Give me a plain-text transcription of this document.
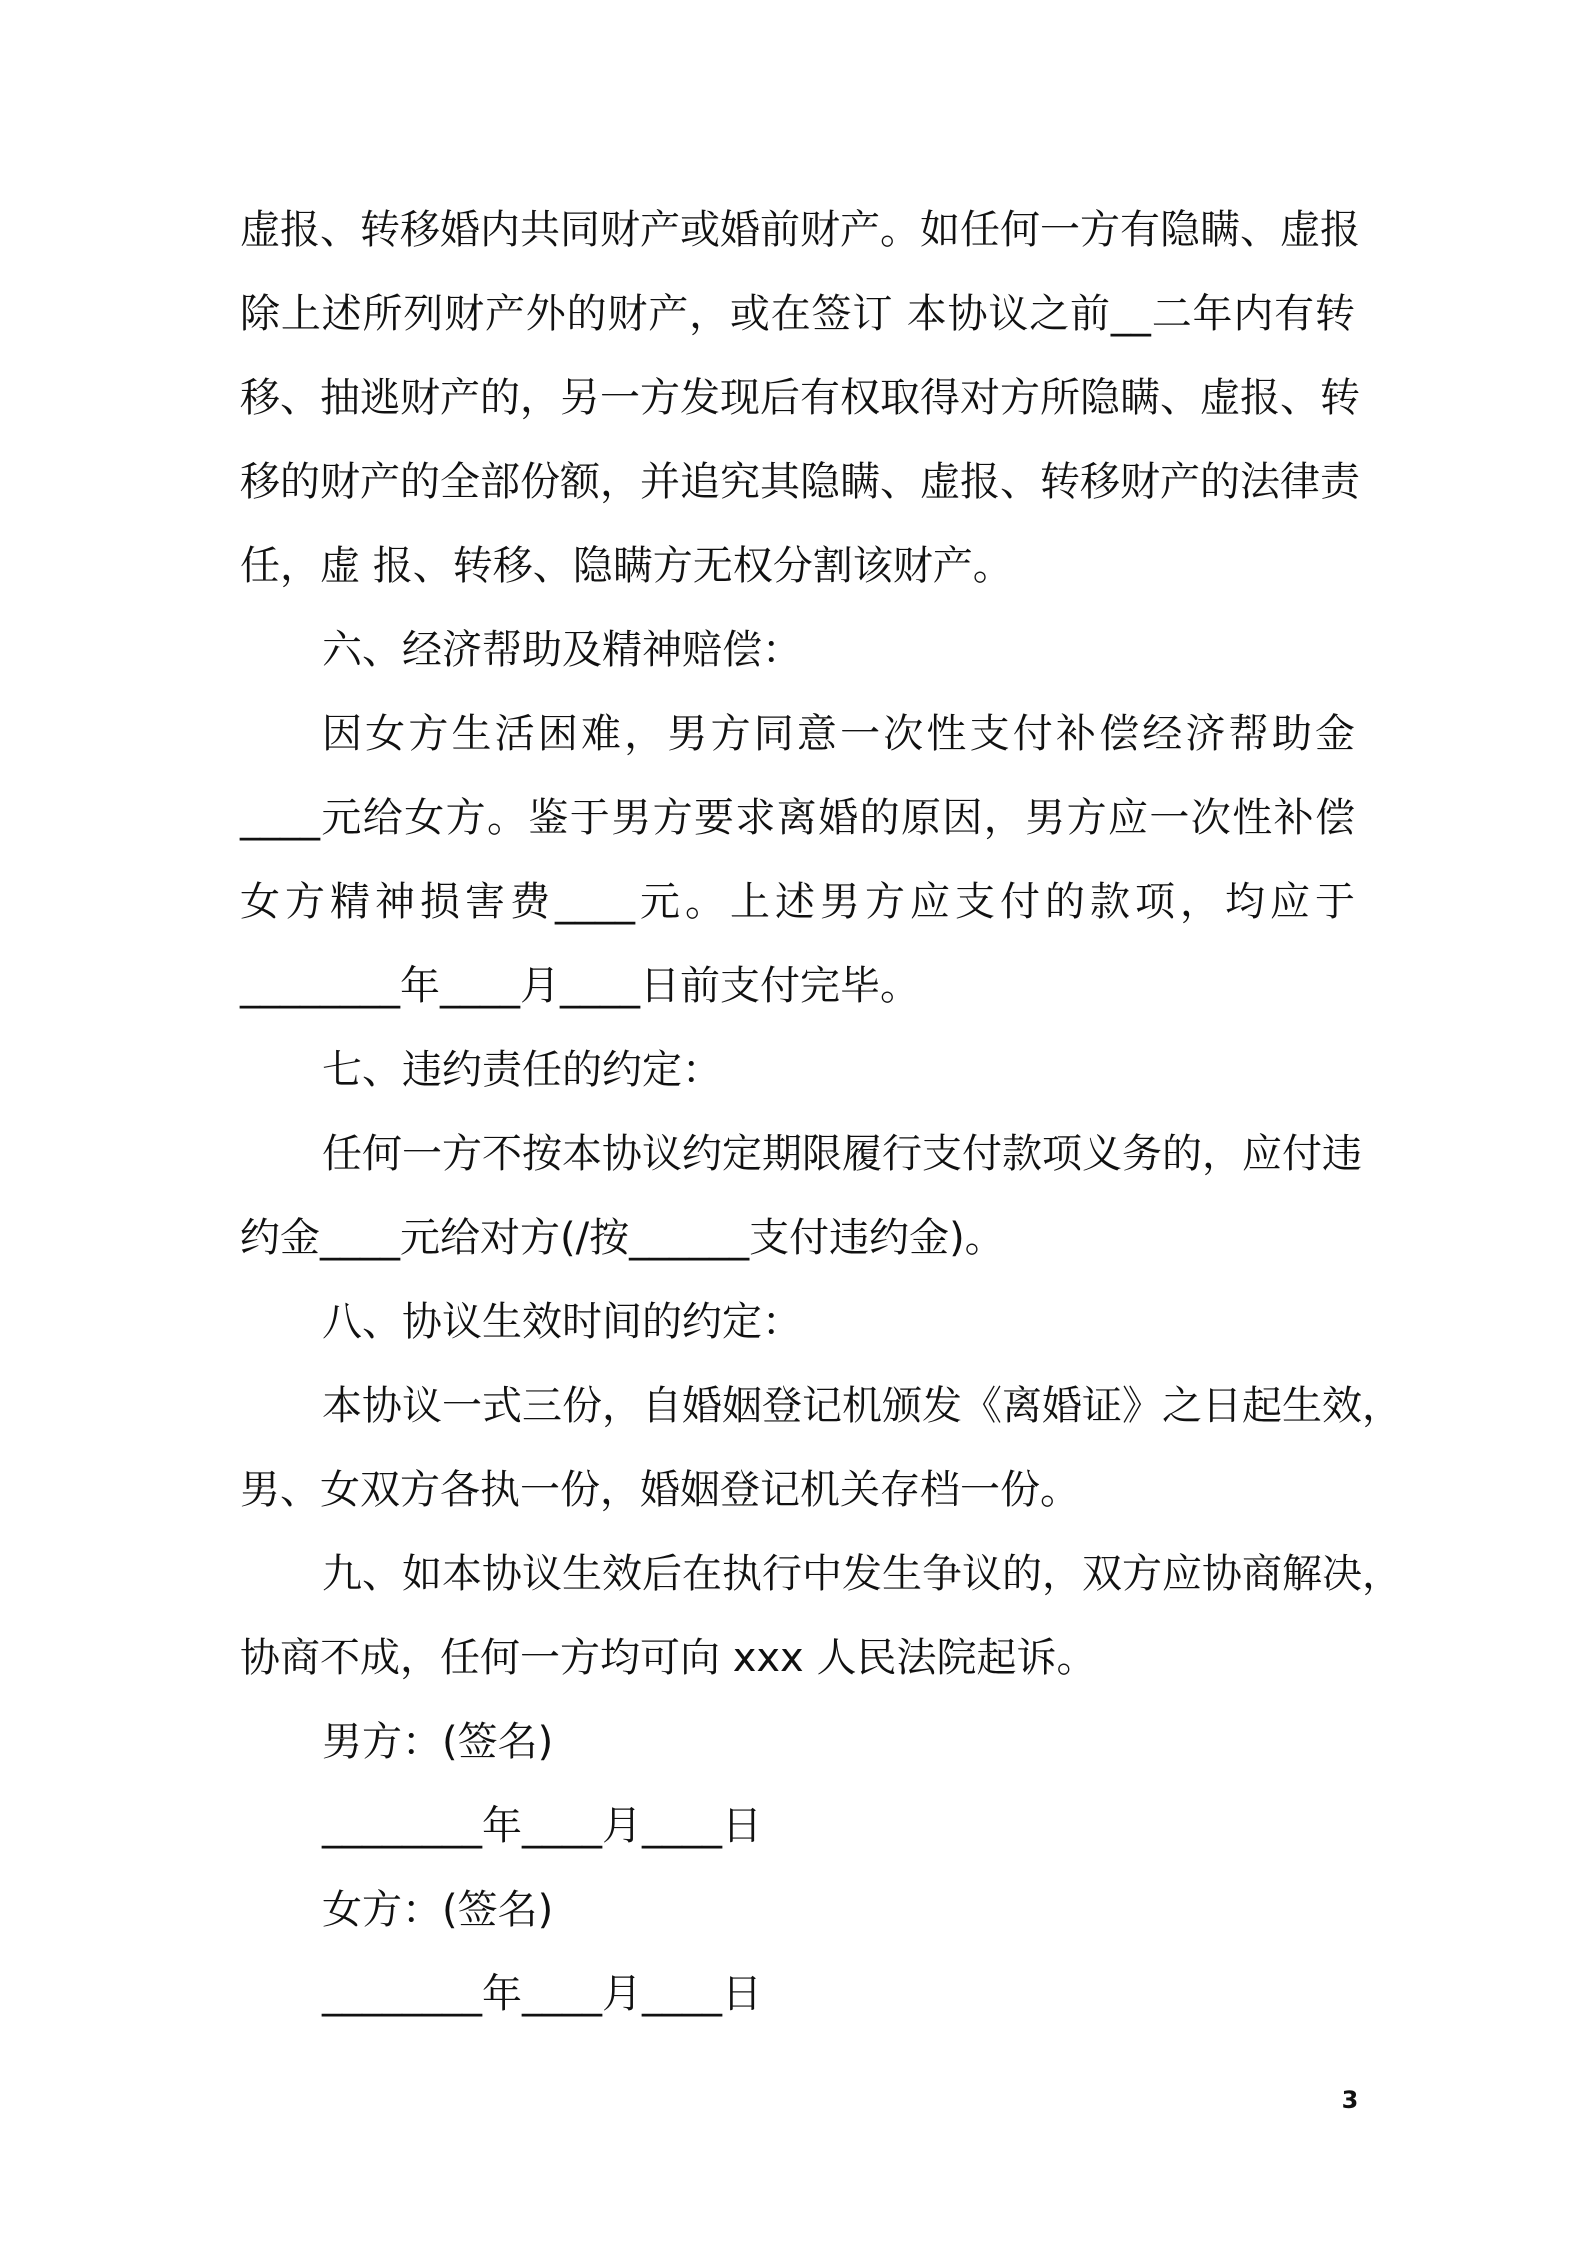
虚报、转移婚内共同财产或婚前财产。如任何一方有隐瞒、虚报
除上述所列财产外的财产，或在签订 本协议之前__二年内有转
移、抽逃财产的，另一方发现后有权取得对方所隐瞒、虚报、转
移的财产的全部份额，并追究其隐瞒、虚报、转移财产的法律责
任，虚 报、转移、隐瞒方无权分割该财产。
六、经济帮助及精神赔偿：
因女方生活困难，男方同意一次性支付补偿经济帮助金
____元给女方。鉴于男方要求离婚的原因，男方应一次性补偿
女方精神损害费____元。上述男方应支付的款项，均应于
________年____月____日前支付完毕。
七、违约责任的约定：
任何一方不按本协议约定期限履行支付款项义务的，应付违
约金____元给对方(/按______支付违约金)。
八、协议生效时间的约定：
本协议一式三份，自婚姻登记机颁发《离婚证》之日起生效，
男、女双方各执一份，婚姻登记机关存档一份。
九、如本协议生效后在执行中发生争议的，双方应协商解决，
协商不成，任何一方均可向 xxx 人民法院起诉。
男方：(签名)
________年____月____日
女方：(签名)
________年____月____日
3
